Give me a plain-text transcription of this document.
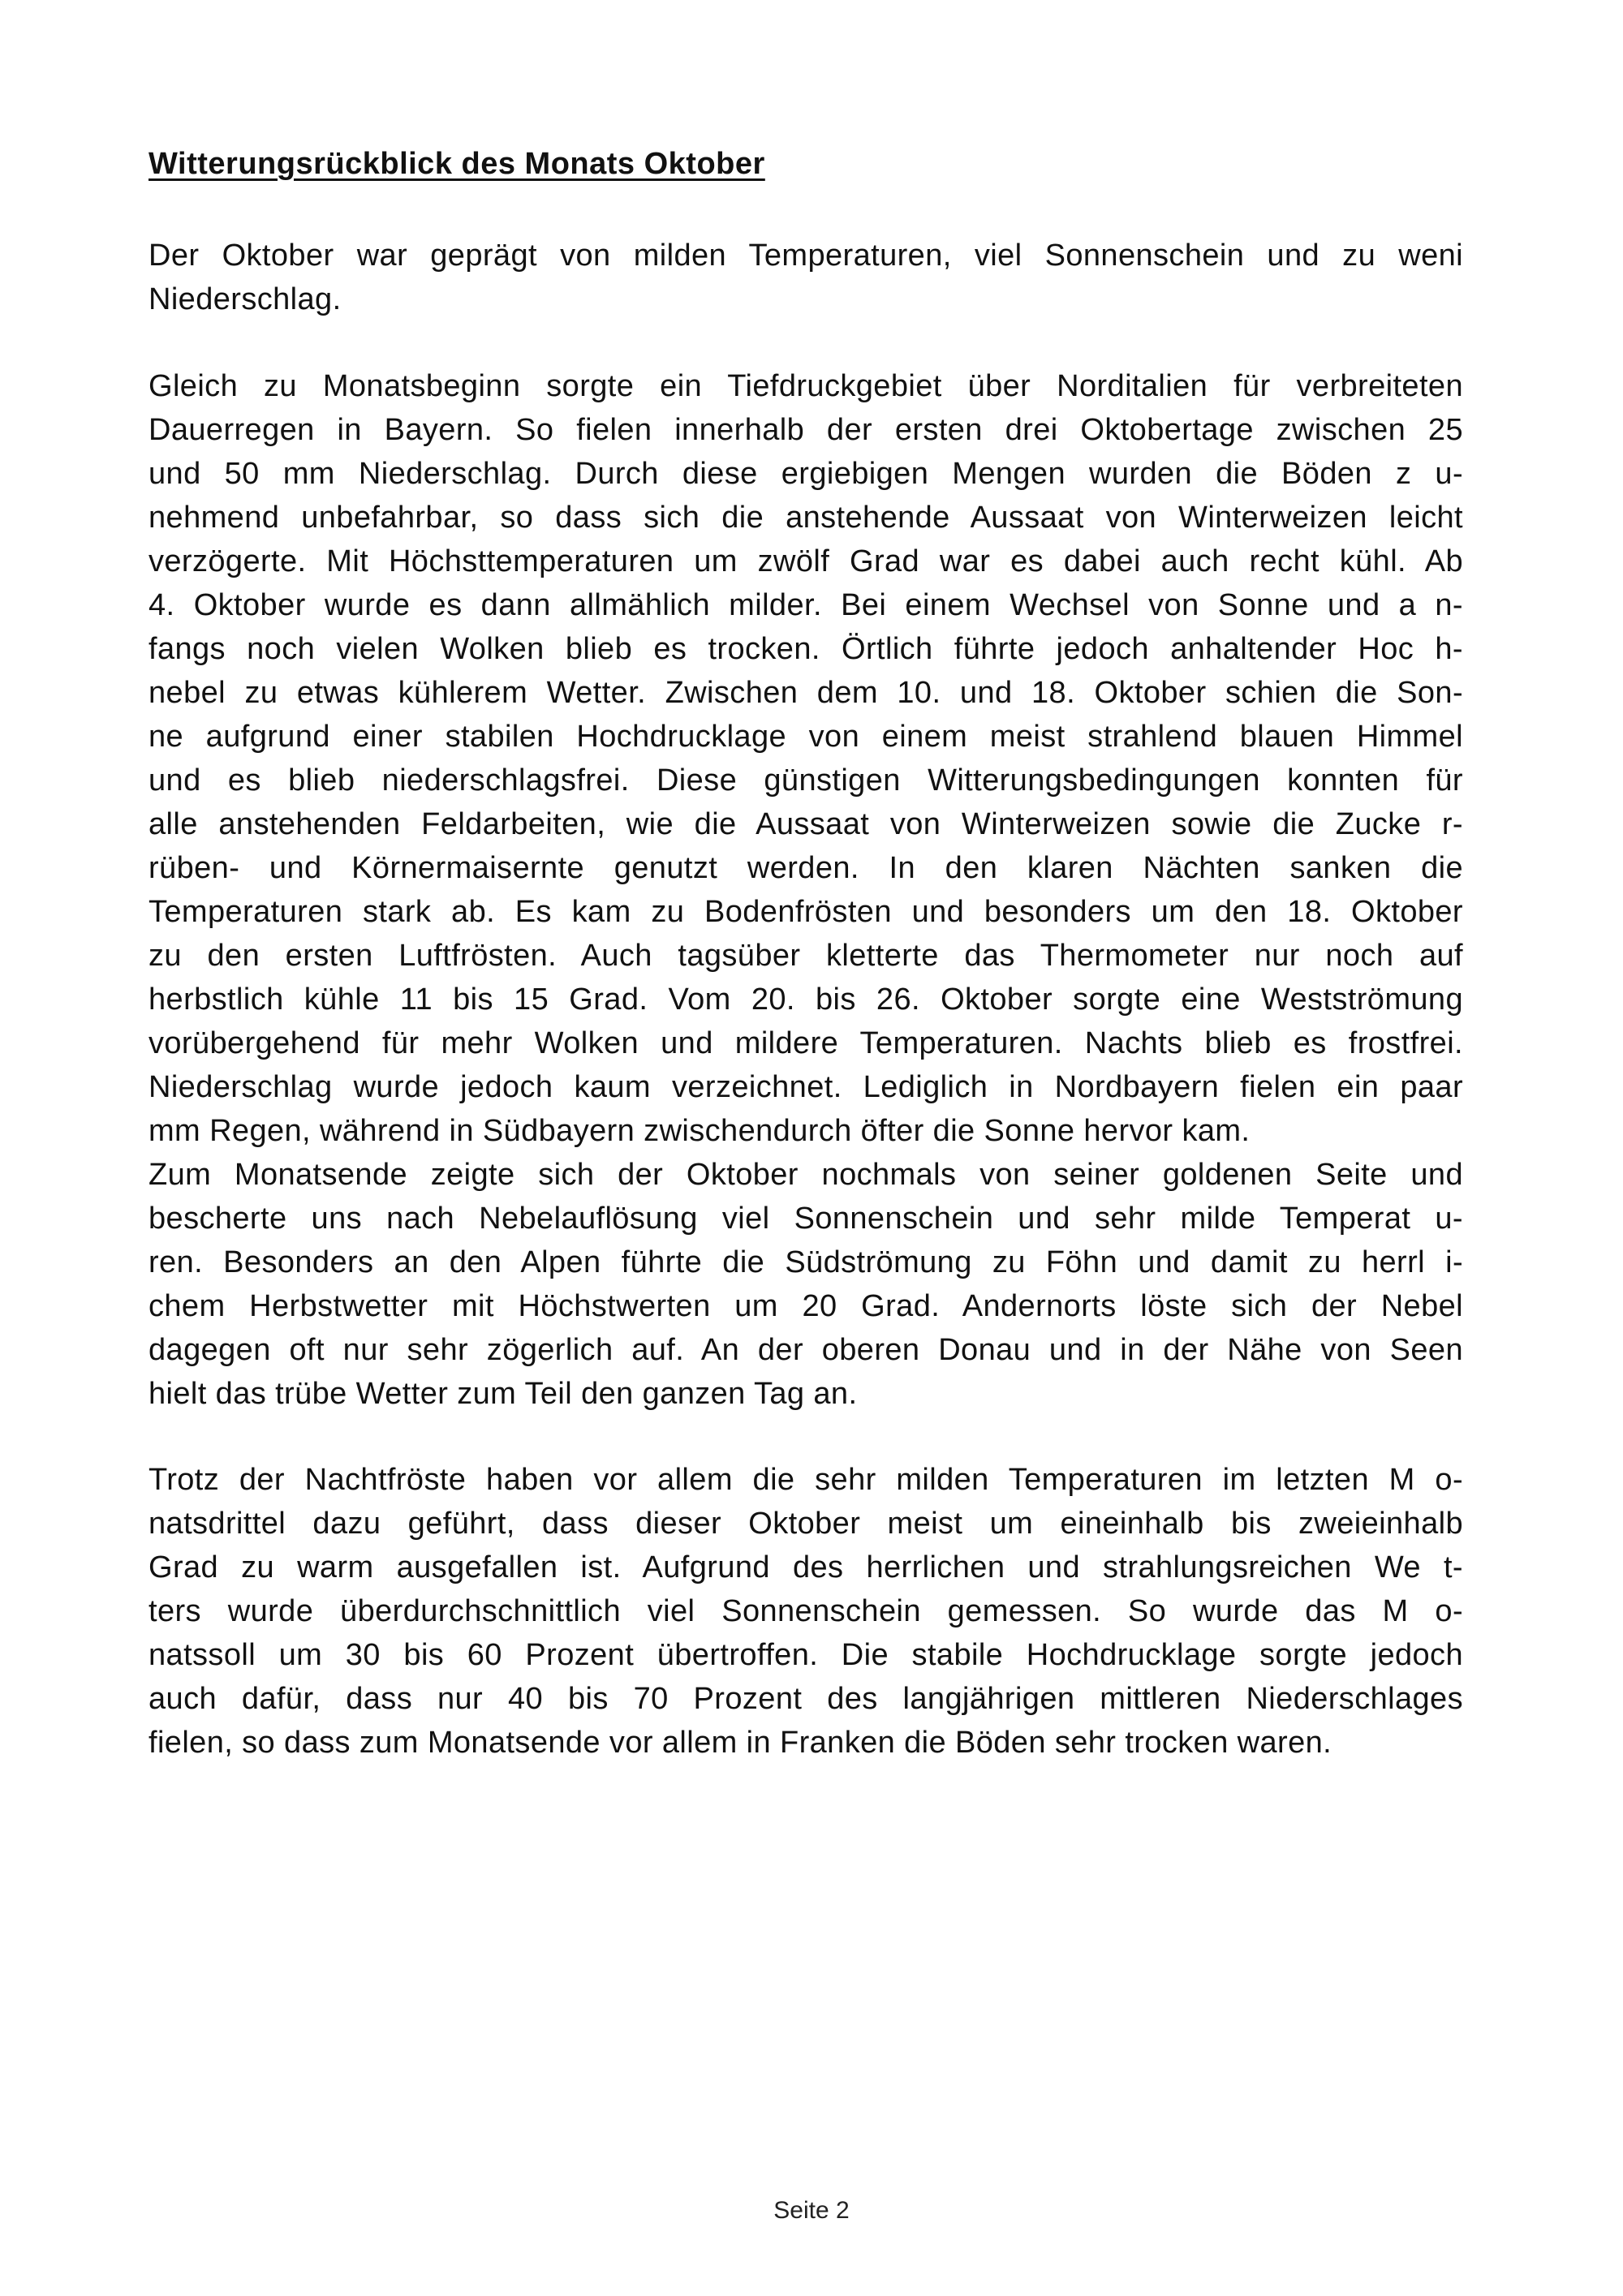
Witterungsrückblick des Monats Oktober
Der Oktober war geprägt von milden Temperaturen, viel Sonnenschein und zu weni
Niederschlag.
Gleich zu Monatsbeginn sorgte ein Tiefdruckgebiet über Norditalien für verbreiteten
Dauerregen in Bayern. So fielen innerhalb der ersten drei Oktobertage zwischen 25
und 50 mm Niederschlag. Durch diese ergiebigen Mengen wurden die Böden z u-
nehmend unbefahrbar, so dass sich die anstehende Aussaat von Winterweizen leicht
verzögerte. Mit Höchsttemperaturen um zwölf Grad war es dabei auch recht kühl. Ab
4. Oktober wurde es dann allmählich milder. Bei einem Wechsel von Sonne und a n-
fangs noch vielen Wolken blieb es trocken. Örtlich führte jedoch anhaltender Hoc h-
nebel zu etwas kühlerem Wetter. Zwischen dem 10. und 18. Oktober schien die Son-
ne aufgrund einer stabilen Hochdrucklage von einem meist strahlend blauen Himmel
und es blieb niederschlagsfrei. Diese günstigen Witterungsbedingungen konnten für
alle anstehenden Feldarbeiten, wie die Aussaat von Winterweizen sowie die Zucke r-
rüben- und Körnermaisernte genutzt werden. In den klaren Nächten sanken die
Temperaturen stark ab. Es kam zu Bodenfrösten und besonders um den 18. Oktober
zu den ersten Luftfrösten. Auch tagsüber kletterte das Thermometer nur noch auf
herbstlich kühle 11 bis 15 Grad. Vom 20. bis 26. Oktober sorgte eine Westströmung
vorübergehend für mehr Wolken und mildere Temperaturen. Nachts blieb es frostfrei.
Niederschlag wurde jedoch kaum verzeichnet. Lediglich in Nordbayern fielen ein paar
mm Regen, während in Südbayern zwischendurch öfter die Sonne hervor kam.
Zum Monatsende zeigte sich der Oktober nochmals von seiner goldenen Seite und
bescherte uns nach Nebelauflösung viel Sonnenschein und sehr milde Temperat u-
ren. Besonders an den Alpen führte die Südströmung zu Föhn und damit zu herrl i-
chem Herbstwetter mit Höchstwerten um 20 Grad. Andernorts löste sich der Nebel
dagegen oft nur sehr zögerlich auf. An der oberen Donau und in der Nähe von Seen
hielt das trübe Wetter zum Teil den ganzen Tag an.
Trotz der Nachtfröste haben vor allem die sehr milden Temperaturen im letzten M o-
natsdrittel dazu geführt, dass dieser Oktober meist um eineinhalb bis zweieinhalb
Grad zu warm ausgefallen ist. Aufgrund des herrlichen und strahlungsreichen We t-
ters wurde überdurchschnittlich viel Sonnenschein gemessen. So wurde das M o-
natssoll um 30 bis 60 Prozent übertroffen. Die stabile Hochdrucklage sorgte jedoch
auch dafür, dass nur 40 bis 70 Prozent des langjährigen mittleren Niederschlages
fielen, so dass zum Monatsende vor allem in Franken die Böden sehr trocken waren.

Seite 2
